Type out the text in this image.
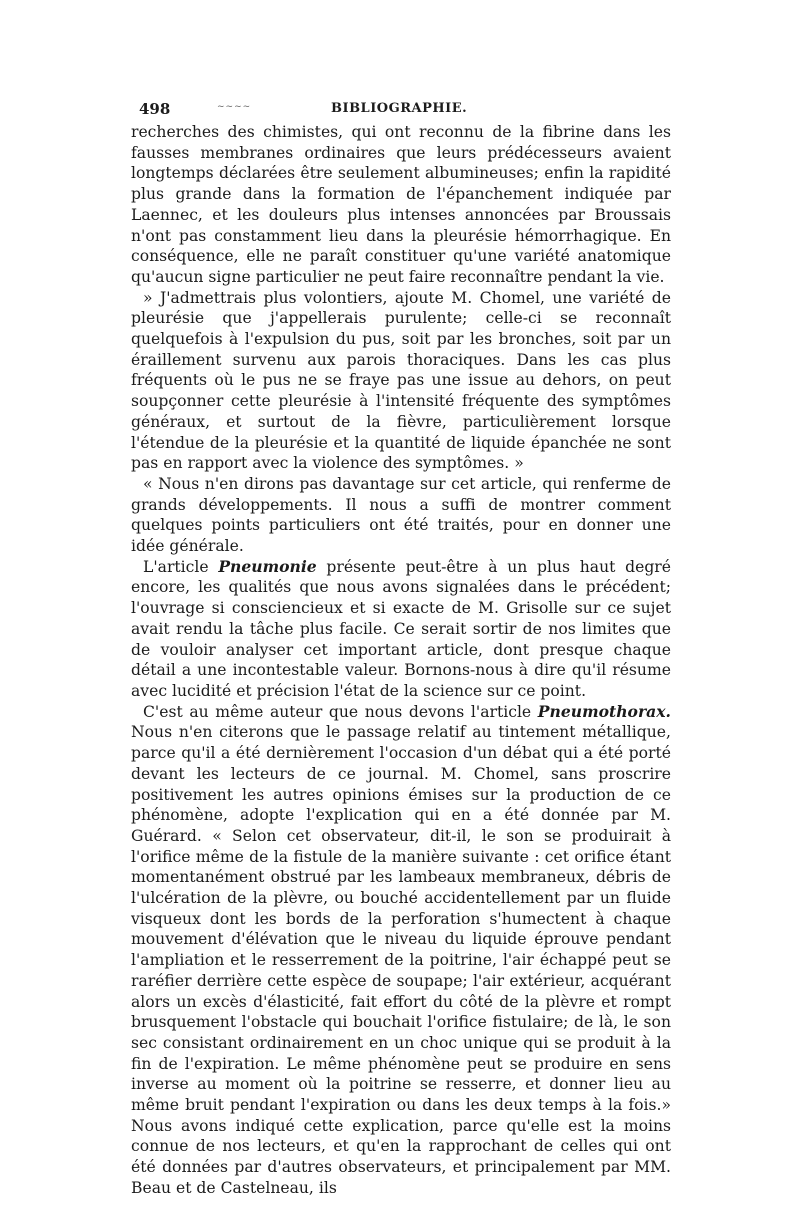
498	~~~~	BIBLIOGRAPHIE.

recherches des chimistes, qui ont reconnu de la fibrine dans les fausses membranes ordinaires que leurs prédécesseurs avaient longtemps déclarées être seulement albumineuses; enfin la rapidité plus grande dans la formation de l'épanchement indiquée par Laennec, et les douleurs plus intenses annoncées par Broussais n'ont pas constamment lieu dans la pleurésie hémorrhagique. En conséquence, elle ne paraît constituer qu'une variété anatomique qu'aucun signe particulier ne peut faire reconnaître pendant la vie.

» J'admettrais plus volontiers, ajoute M. Chomel, une variété de pleurésie que j'appellerais purulente; celle-ci se reconnaît quelquefois à l'expulsion du pus, soit par les bronches, soit par un éraillement survenu aux parois thoraciques. Dans les cas plus fréquents où le pus ne se fraye pas une issue au dehors, on peut soupçonner cette pleurésie à l'intensité fréquente des symptômes généraux, et surtout de la fièvre, particulièrement lorsque l'étendue de la pleurésie et la quantité de liquide épanchée ne sont pas en rapport avec la violence des symptômes. »

« Nous n'en dirons pas davantage sur cet article, qui renferme de grands développements. Il nous a suffi de montrer comment quelques points particuliers ont été traités, pour en donner une idée générale.

L'article Pneumonie présente peut-être à un plus haut degré encore, les qualités que nous avons signalées dans le précédent; l'ouvrage si consciencieux et si exacte de M. Grisolle sur ce sujet avait rendu la tâche plus facile. Ce serait sortir de nos limites que de vouloir analyser cet important article, dont presque chaque détail a une incontestable valeur. Bornons-nous à dire qu'il résume avec lucidité et précision l'état de la science sur ce point.

C'est au même auteur que nous devons l'article Pneumothorax. Nous n'en citerons que le passage relatif au tintement métallique, parce qu'il a été dernièrement l'occasion d'un débat qui a été porté devant les lecteurs de ce journal. M. Chomel, sans proscrire positivement les autres opinions émises sur la production de ce phénomène, adopte l'explication qui en a été donnée par M. Guérard. « Selon cet observateur, dit-il, le son se produirait à l'orifice même de la fistule de la manière suivante : cet orifice étant momentanément obstrué par les lambeaux membraneux, débris de l'ulcération de la plèvre, ou bouché accidentellement par un fluide visqueux dont les bords de la perforation s'humectent à chaque mouvement d'élévation que le niveau du liquide éprouve pendant l'ampliation et le resserrement de la poitrine, l'air échappé peut se raréfier derrière cette espèce de soupape; l'air extérieur, acquérant alors un excès d'élasticité, fait effort du côté de la plèvre et rompt brusquement l'obstacle qui bouchait l'orifice fistulaire; de là, le son sec consistant ordinairement en un choc unique qui se produit à la fin de l'expiration. Le même phénomène peut se produire en sens inverse au moment où la poitrine se resserre, et donner lieu au même bruit pendant l'expiration ou dans les deux temps à la fois.» Nous avons indiqué cette explication, parce qu'elle est la moins connue de nos lecteurs, et qu'en la rapprochant de celles qui ont été données par d'autres observateurs, et principalement par MM. Beau et de Castelneau, ils
